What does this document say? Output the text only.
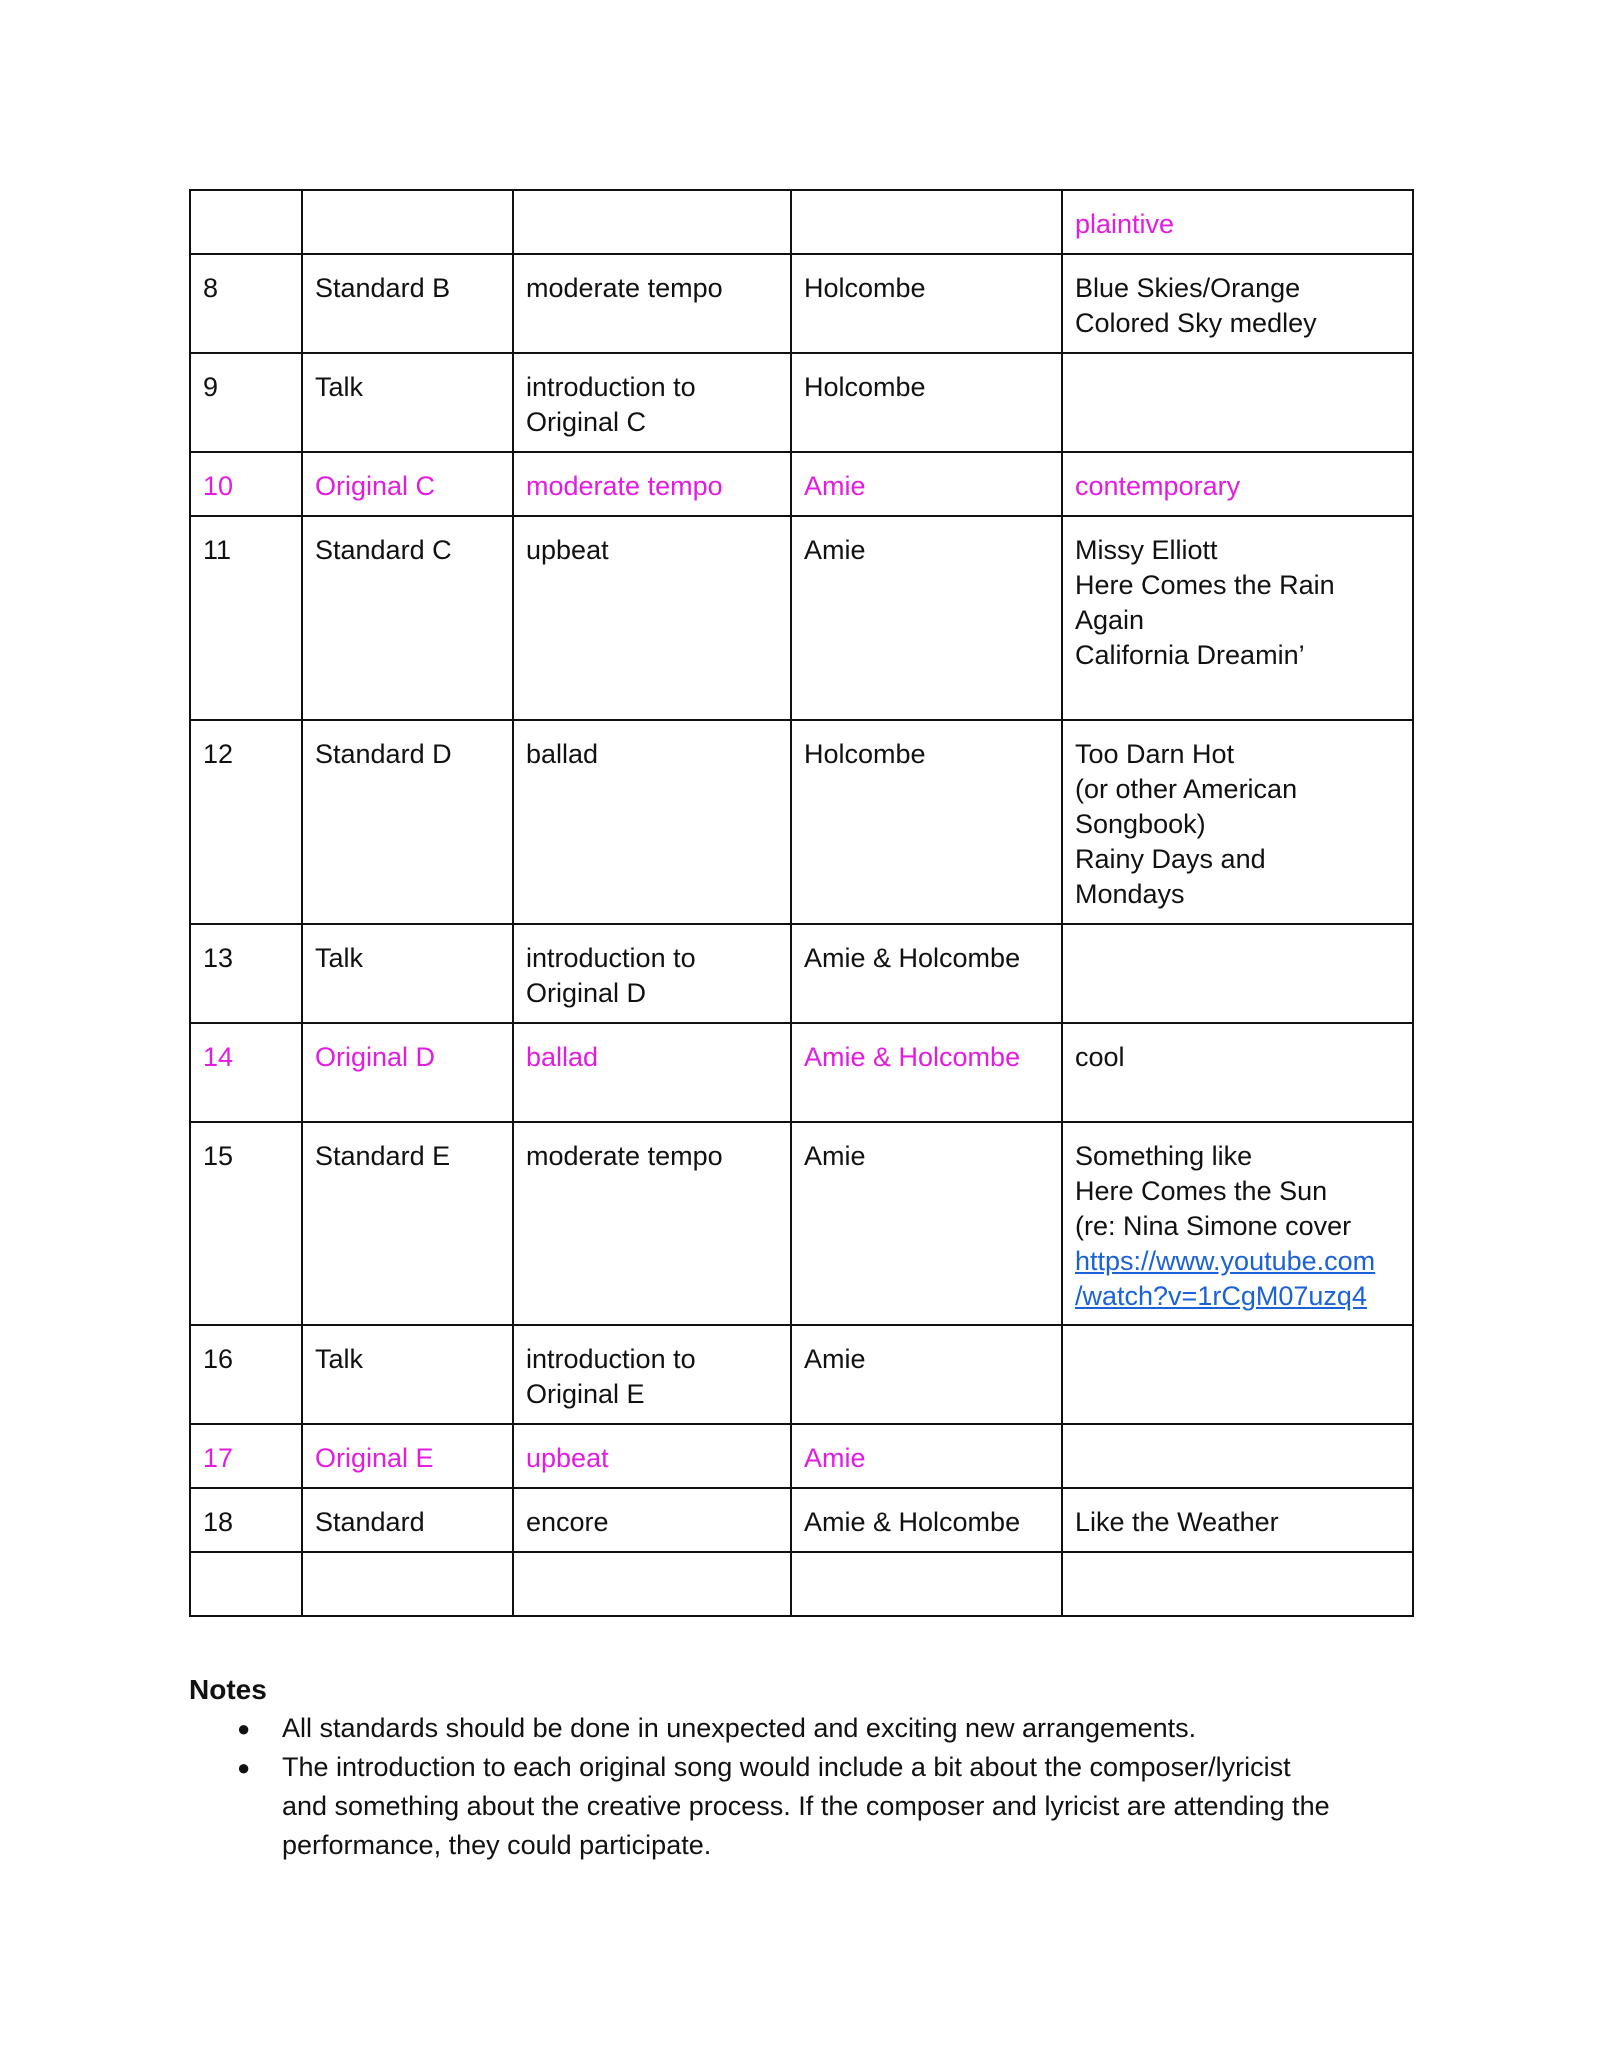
				plaintive

8	Standard B	moderate tempo	Holcombe	Blue Skies/Orange
Colored Sky medley

9	Talk	introduction to Original C	Holcombe	
10	Original C	moderate tempo	Amie	contemporary

11	Standard C	upbeat	Amie	Missy Elliott
Here Comes the Rain
Again
California Dreamin’

12	Standard D	ballad	Holcombe	Too Darn Hot
(or other American
Songbook)
Rainy Days and
Mondays

13	Talk	introduction to Original D	Amie & Holcombe	
14	Original D	ballad	Amie & Holcombe	cool

15	Standard E	moderate tempo	Amie	Something like
Here Comes the Sun
(re: Nina Simone cover
https://www.youtube.com
/watch?v=1rCgM07uzq4

16	Talk	introduction to Original E	Amie	
17	Original E	upbeat	Amie	
18	Standard	encore	Amie & Holcombe	Like the Weather

Notes
● All standards should be done in unexpected and exciting new arrangements.
● The introduction to each original song would include a bit about the composer/lyricist
and something about the creative process. If the composer and lyricist are attending the
performance, they could participate.
